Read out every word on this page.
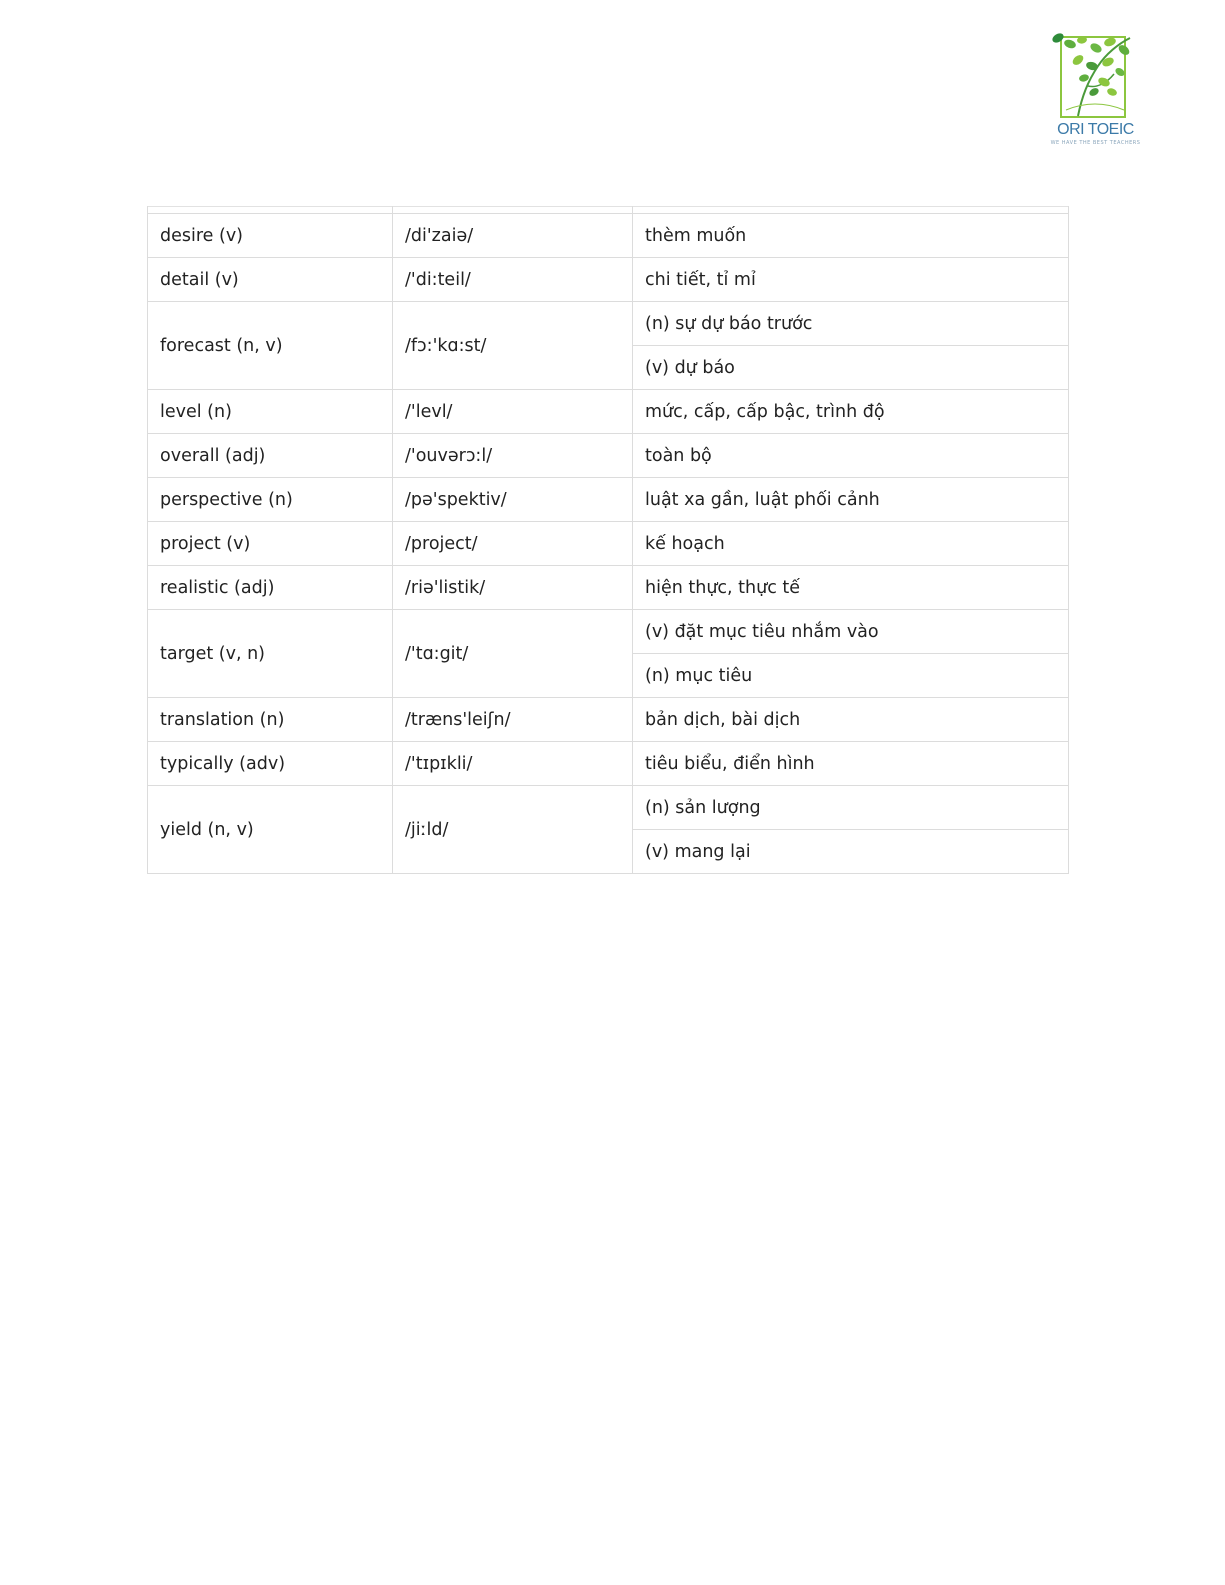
ORI TOEIC
WE HAVE THE BEST TEACHERS

desire (v)	/di'zaiə/	thèm muốn
detail (v)	/'di:teil/	chi tiết, tỉ mỉ
forecast (n, v)	/fɔ:'kɑ:st/	(n) sự dự báo trước
		(v) dự báo
level (n)	/'levl/	mức, cấp, cấp bậc, trình độ
overall (adj)	/'ouvərɔ:l/	toàn bộ
perspective (n)	/pə'spektiv/	luật xa gần, luật phối cảnh
project (v)	/project/	kế hoạch
realistic (adj)	/riə'listik/	hiện thực, thực tế
target (v, n)	/'tɑ:git/	(v) đặt mục tiêu nhắm vào
		(n) mục tiêu
translation (n)	/træns'leiʃn/	bản dịch, bài dịch
typically (adv)	/'tɪpɪkli/	tiêu biểu, điển hình
yield (n, v)	/jiːld/	(n) sản lượng
		(v) mang lại
